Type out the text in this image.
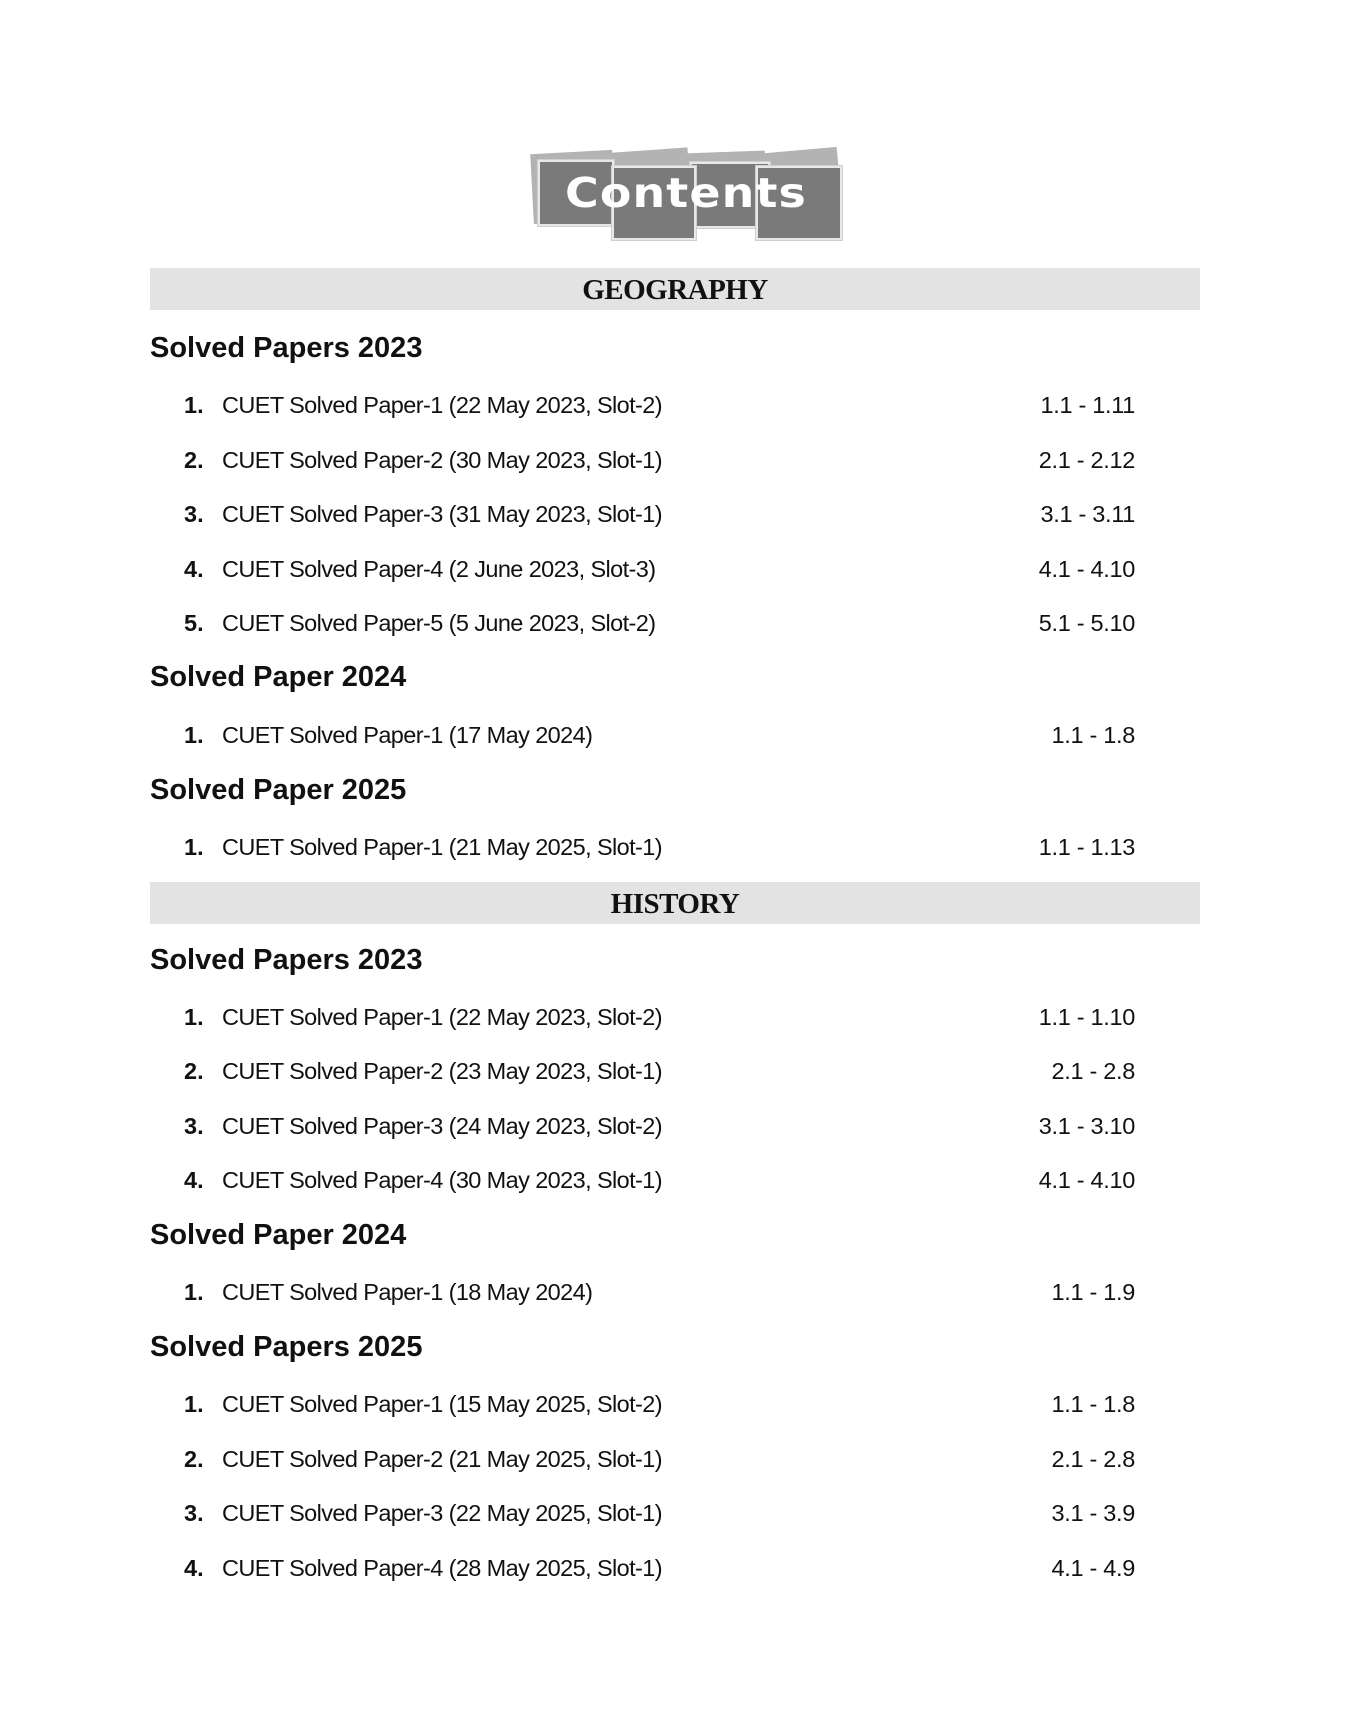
Contents
GEOGRAPHY
Solved Papers 2023
1. CUET Solved Paper-1 (22 May 2023, Slot-2)	1.1 - 1.11
2. CUET Solved Paper-2 (30 May 2023, Slot-1)	2.1 - 2.12
3. CUET Solved Paper-3 (31 May 2023, Slot-1)	3.1 - 3.11
4. CUET Solved Paper-4 (2 June 2023, Slot-3)	4.1 - 4.10
5. CUET Solved Paper-5 (5 June 2023, Slot-2)	5.1 - 5.10
Solved Paper 2024
1. CUET Solved Paper-1 (17 May 2024)	1.1 - 1.8
Solved Paper 2025
1. CUET Solved Paper-1 (21 May 2025, Slot-1)	1.1 - 1.13
HISTORY
Solved Papers 2023
1. CUET Solved Paper-1 (22 May 2023, Slot-2)	1.1 - 1.10
2. CUET Solved Paper-2 (23 May 2023, Slot-1)	2.1 - 2.8
3. CUET Solved Paper-3 (24 May 2023, Slot-2)	3.1 - 3.10
4. CUET Solved Paper-4 (30 May 2023, Slot-1)	4.1 - 4.10
Solved Paper 2024
1. CUET Solved Paper-1 (18 May 2024)	1.1 - 1.9
Solved Papers 2025
1. CUET Solved Paper-1 (15 May 2025, Slot-2)	1.1 - 1.8
2. CUET Solved Paper-2 (21 May 2025, Slot-1)	2.1 - 2.8
3. CUET Solved Paper-3 (22 May 2025, Slot-1)	3.1 - 3.9
4. CUET Solved Paper-4 (28 May 2025, Slot-1)	4.1 - 4.9
